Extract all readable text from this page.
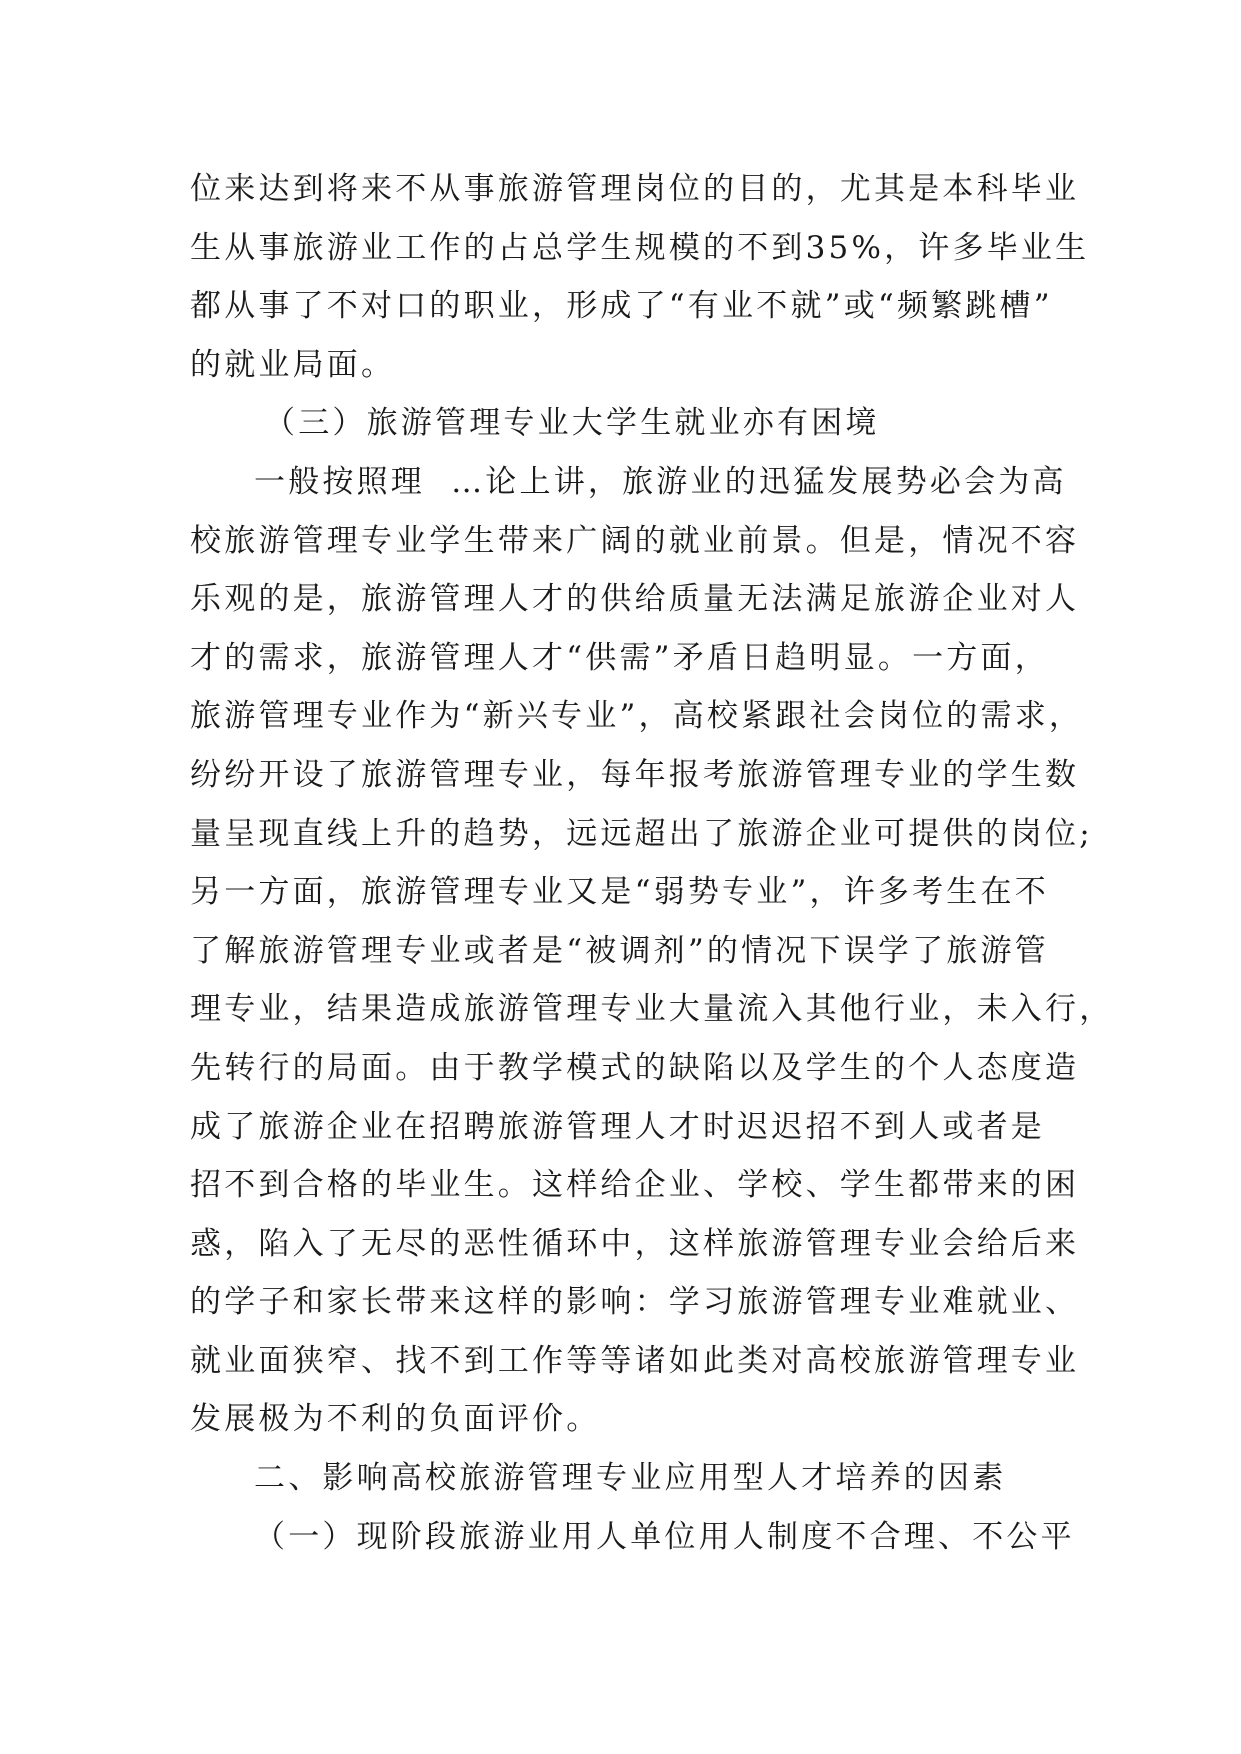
位来达到将来不从事旅游管理岗位的目的，尤其是本科毕业
生从事旅游业工作的占总学生规模的不到35%，许多毕业生
都从事了不对口的职业，形成了“有业不就”或“频繁跳槽”
的就业局面。
（三）旅游管理专业大学生就业亦有困境
一般按照理  …论上讲，旅游业的迅猛发展势必会为高
校旅游管理专业学生带来广阔的就业前景。但是，情况不容
乐观的是，旅游管理人才的供给质量无法满足旅游企业对人
才的需求，旅游管理人才“供需”矛盾日趋明显。一方面，
旅游管理专业作为“新兴专业”，高校紧跟社会岗位的需求，
纷纷开设了旅游管理专业，每年报考旅游管理专业的学生数
量呈现直线上升的趋势，远远超出了旅游企业可提供的岗位;
另一方面，旅游管理专业又是“弱势专业”，许多考生在不
了解旅游管理专业或者是“被调剂”的情况下误学了旅游管
理专业，结果造成旅游管理专业大量流入其他行业，未入行，
先转行的局面。由于教学模式的缺陷以及学生的个人态度造
成了旅游企业在招聘旅游管理人才时迟迟招不到人或者是
招不到合格的毕业生。这样给企业、学校、学生都带来的困
惑，陷入了无尽的恶性循环中，这样旅游管理专业会给后来
的学子和家长带来这样的影响：学习旅游管理专业难就业、
就业面狭窄、找不到工作等等诸如此类对高校旅游管理专业
发展极为不利的负面评价。
二、影响高校旅游管理专业应用型人才培养的因素
（一）现阶段旅游业用人单位用人制度不合理、不公平
